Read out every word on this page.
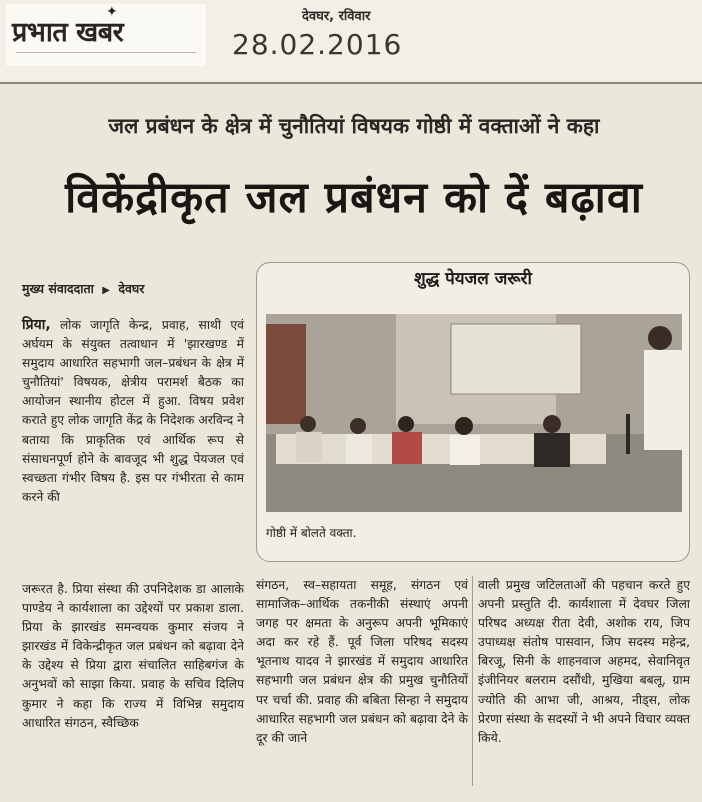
प्रभात खबर
✦	देवघर, रविवार
28.02.2016
जल प्रबंधन के क्षेत्र में चुनौतियां विषयक गोष्ठी में वक्ताओं ने कहा
विकेंद्रीकृत जल प्रबंधन को दें बढ़ावा
मुख्य संवाददाता ▶ देवघर
प्रिया, लोक जागृति केन्द्र, प्रवाह, साथी एवं अर्घयम के संयुक्त तत्वाधान में 'झारखण्ड में समुदाय आधारित सहभागी जल–प्रबंधन के क्षेत्र में चुनौतियां' विषयक, क्षेत्रीय परामर्श बैठक का आयोजन स्थानीय होटल में हुआ. विषय प्रवेश कराते हुए लोक जागृति केंद्र के निदेशक अरविन्द ने बताया कि प्राकृतिक एवं आर्थिक रूप से संसाधनपूर्ण होने के बावजूद भी शुद्ध पेयजल एवं स्वच्छता गंभीर विषय है. इस पर गंभीरता से काम करने की
जरूरत है. प्रिया संस्था की उपनिदेशक डा आलाके पाण्डेय ने कार्यशाला का उद्देश्यों पर प्रकाश डाला. प्रिया के झारखंड समन्वयक कुमार संजय ने झारखंड में विकेन्द्रीकृत जल प्रबंधन को बढ़ावा देने के उद्देश्य से प्रिया द्वारा संचालित साहिबगंज के अनुभवों को साझा किया. प्रवाह के सचिव दिलिप कुमार ने कहा कि राज्य में विभिन्न समुदाय आधारित संगठन, स्वैच्छिक
शुद्ध पेयजल जरूरी
गोष्ठी में बोलते वक्ता.
संगठन, स्व–सहायता समूह, संगठन एवं सामाजिक–आर्थिक तकनीकी संस्थाएं अपनी जगह पर क्षमता के अनुरूप अपनी भूमिकाएं अदा कर रहे हैं. पूर्व जिला परिषद सदस्य भूतनाथ यादव ने झारखंड में समुदाय आधारित सहभागी जल प्रबंधन क्षेत्र की प्रमुख चुनौतियों पर चर्चा की. प्रवाह की बबिता सिन्हा ने समुदाय आधारित सहभागी जल प्रबंधन को बढ़ावा देने के दूर की जाने
वाली प्रमुख जटिलताओं की पहचान करते हुए अपनी प्रस्तुति दी. कार्यशाला में देवघर जिला परिषद अध्यक्ष रीता देवी, अशोक राय, जिप उपाध्यक्ष संतोष पासवान, जिप सदस्य महेन्द्र, बिरजू, सिनी के शाहनवाज अहमद, सेवानिवृत इंजीनियर बलराम दसौंधी, मुखिया बबलू, ग्राम ज्योति की आभा जी, आश्रय, नीड्स, लोक प्रेरणा संस्था के सदस्यों ने भी अपने विचार व्यक्त किये.
